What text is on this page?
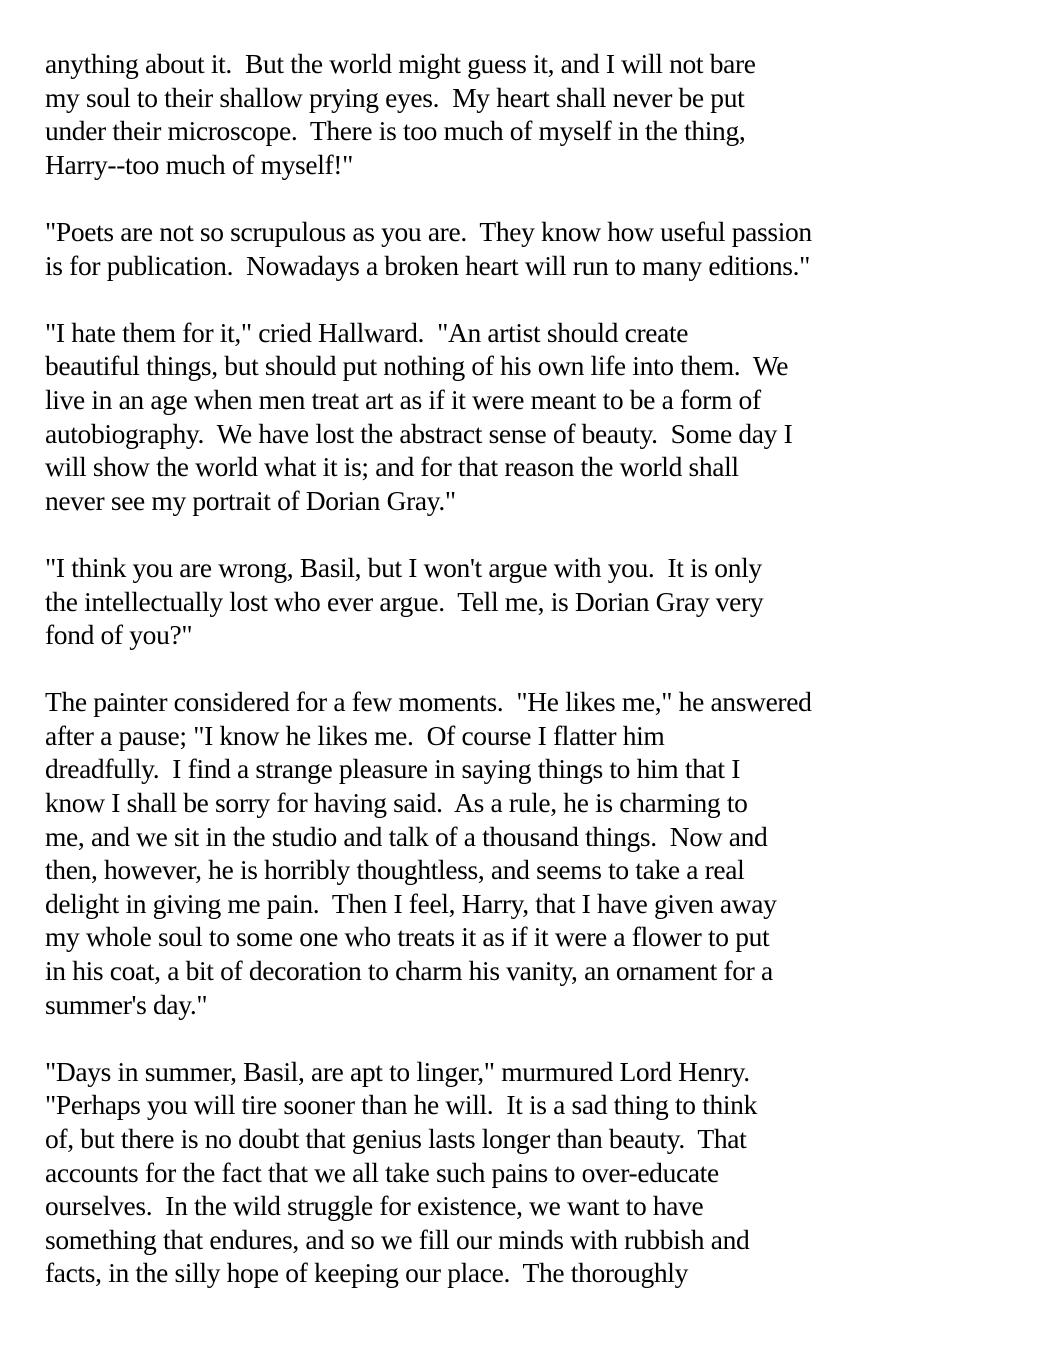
anything about it.  But the world might guess it, and I will not bare
my soul to their shallow prying eyes.  My heart shall never be put
under their microscope.  There is too much of myself in the thing,
Harry--too much of myself!"
"Poets are not so scrupulous as you are.  They know how useful passion
is for publication.  Nowadays a broken heart will run to many editions."
"I hate them for it," cried Hallward.  "An artist should create
beautiful things, but should put nothing of his own life into them.  We
live in an age when men treat art as if it were meant to be a form of
autobiography.  We have lost the abstract sense of beauty.  Some day I
will show the world what it is; and for that reason the world shall
never see my portrait of Dorian Gray."
"I think you are wrong, Basil, but I won't argue with you.  It is only
the intellectually lost who ever argue.  Tell me, is Dorian Gray very
fond of you?"
The painter considered for a few moments.  "He likes me," he answered
after a pause; "I know he likes me.  Of course I flatter him
dreadfully.  I find a strange pleasure in saying things to him that I
know I shall be sorry for having said.  As a rule, he is charming to
me, and we sit in the studio and talk of a thousand things.  Now and
then, however, he is horribly thoughtless, and seems to take a real
delight in giving me pain.  Then I feel, Harry, that I have given away
my whole soul to some one who treats it as if it were a flower to put
in his coat, a bit of decoration to charm his vanity, an ornament for a
summer's day."
"Days in summer, Basil, are apt to linger," murmured Lord Henry.
"Perhaps you will tire sooner than he will.  It is a sad thing to think
of, but there is no doubt that genius lasts longer than beauty.  That
accounts for the fact that we all take such pains to over-educate
ourselves.  In the wild struggle for existence, we want to have
something that endures, and so we fill our minds with rubbish and
facts, in the silly hope of keeping our place.  The thoroughly
